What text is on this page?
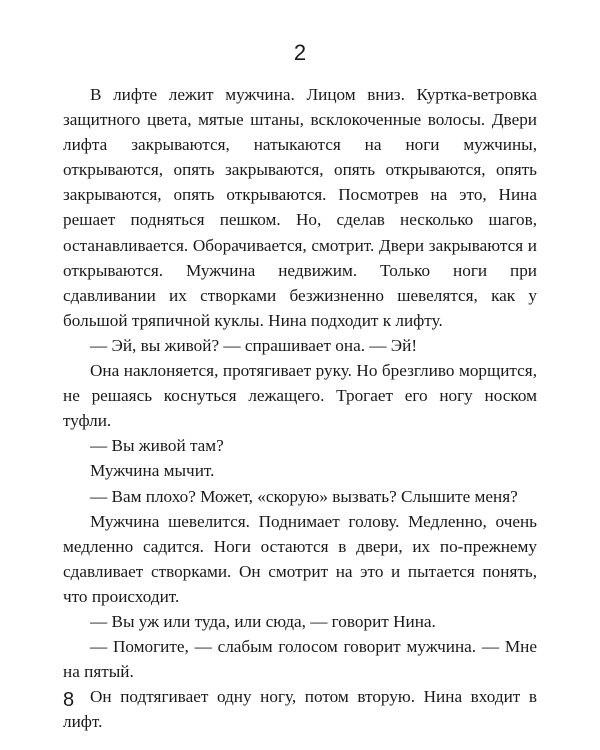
2

В лифте лежит мужчина. Лицом вниз. Куртка-ветровка защитного цвета, мятые штаны, всклокоченные волосы. Двери лифта закрываются, натыкаются на ноги мужчины, открываются, опять закрываются, опять открываются, опять закрываются, опять открываются. Посмотрев на это, Нина решает подняться пешком. Но, сделав несколько шагов, останавливается. Оборачивается, смотрит. Двери закрываются и открываются. Мужчина недвижим. Только ноги при сдавливании их створками безжизненно шевелятся, как у большой тряпичной куклы. Нина подходит к лифту.

— Эй, вы живой? — спрашивает она. — Эй!

Она наклоняется, протягивает руку. Но брезгливо морщится, не решаясь коснуться лежащего. Трогает его ногу носком туфли.

— Вы живой там?

Мужчина мычит.

— Вам плохо? Может, «скорую» вызвать? Слышите меня?

Мужчина шевелится. Поднимает голову. Медленно, очень медленно садится. Ноги остаются в двери, их по-прежнему сдавливает створками. Он смотрит на это и пытается понять, что происходит.

— Вы уж или туда, или сюда, — говорит Нина.

— Помогите, — слабым голосом говорит мужчина. — Мне на пятый.

Он подтягивает одну ногу, потом вторую. Нина входит в лифт.

8
